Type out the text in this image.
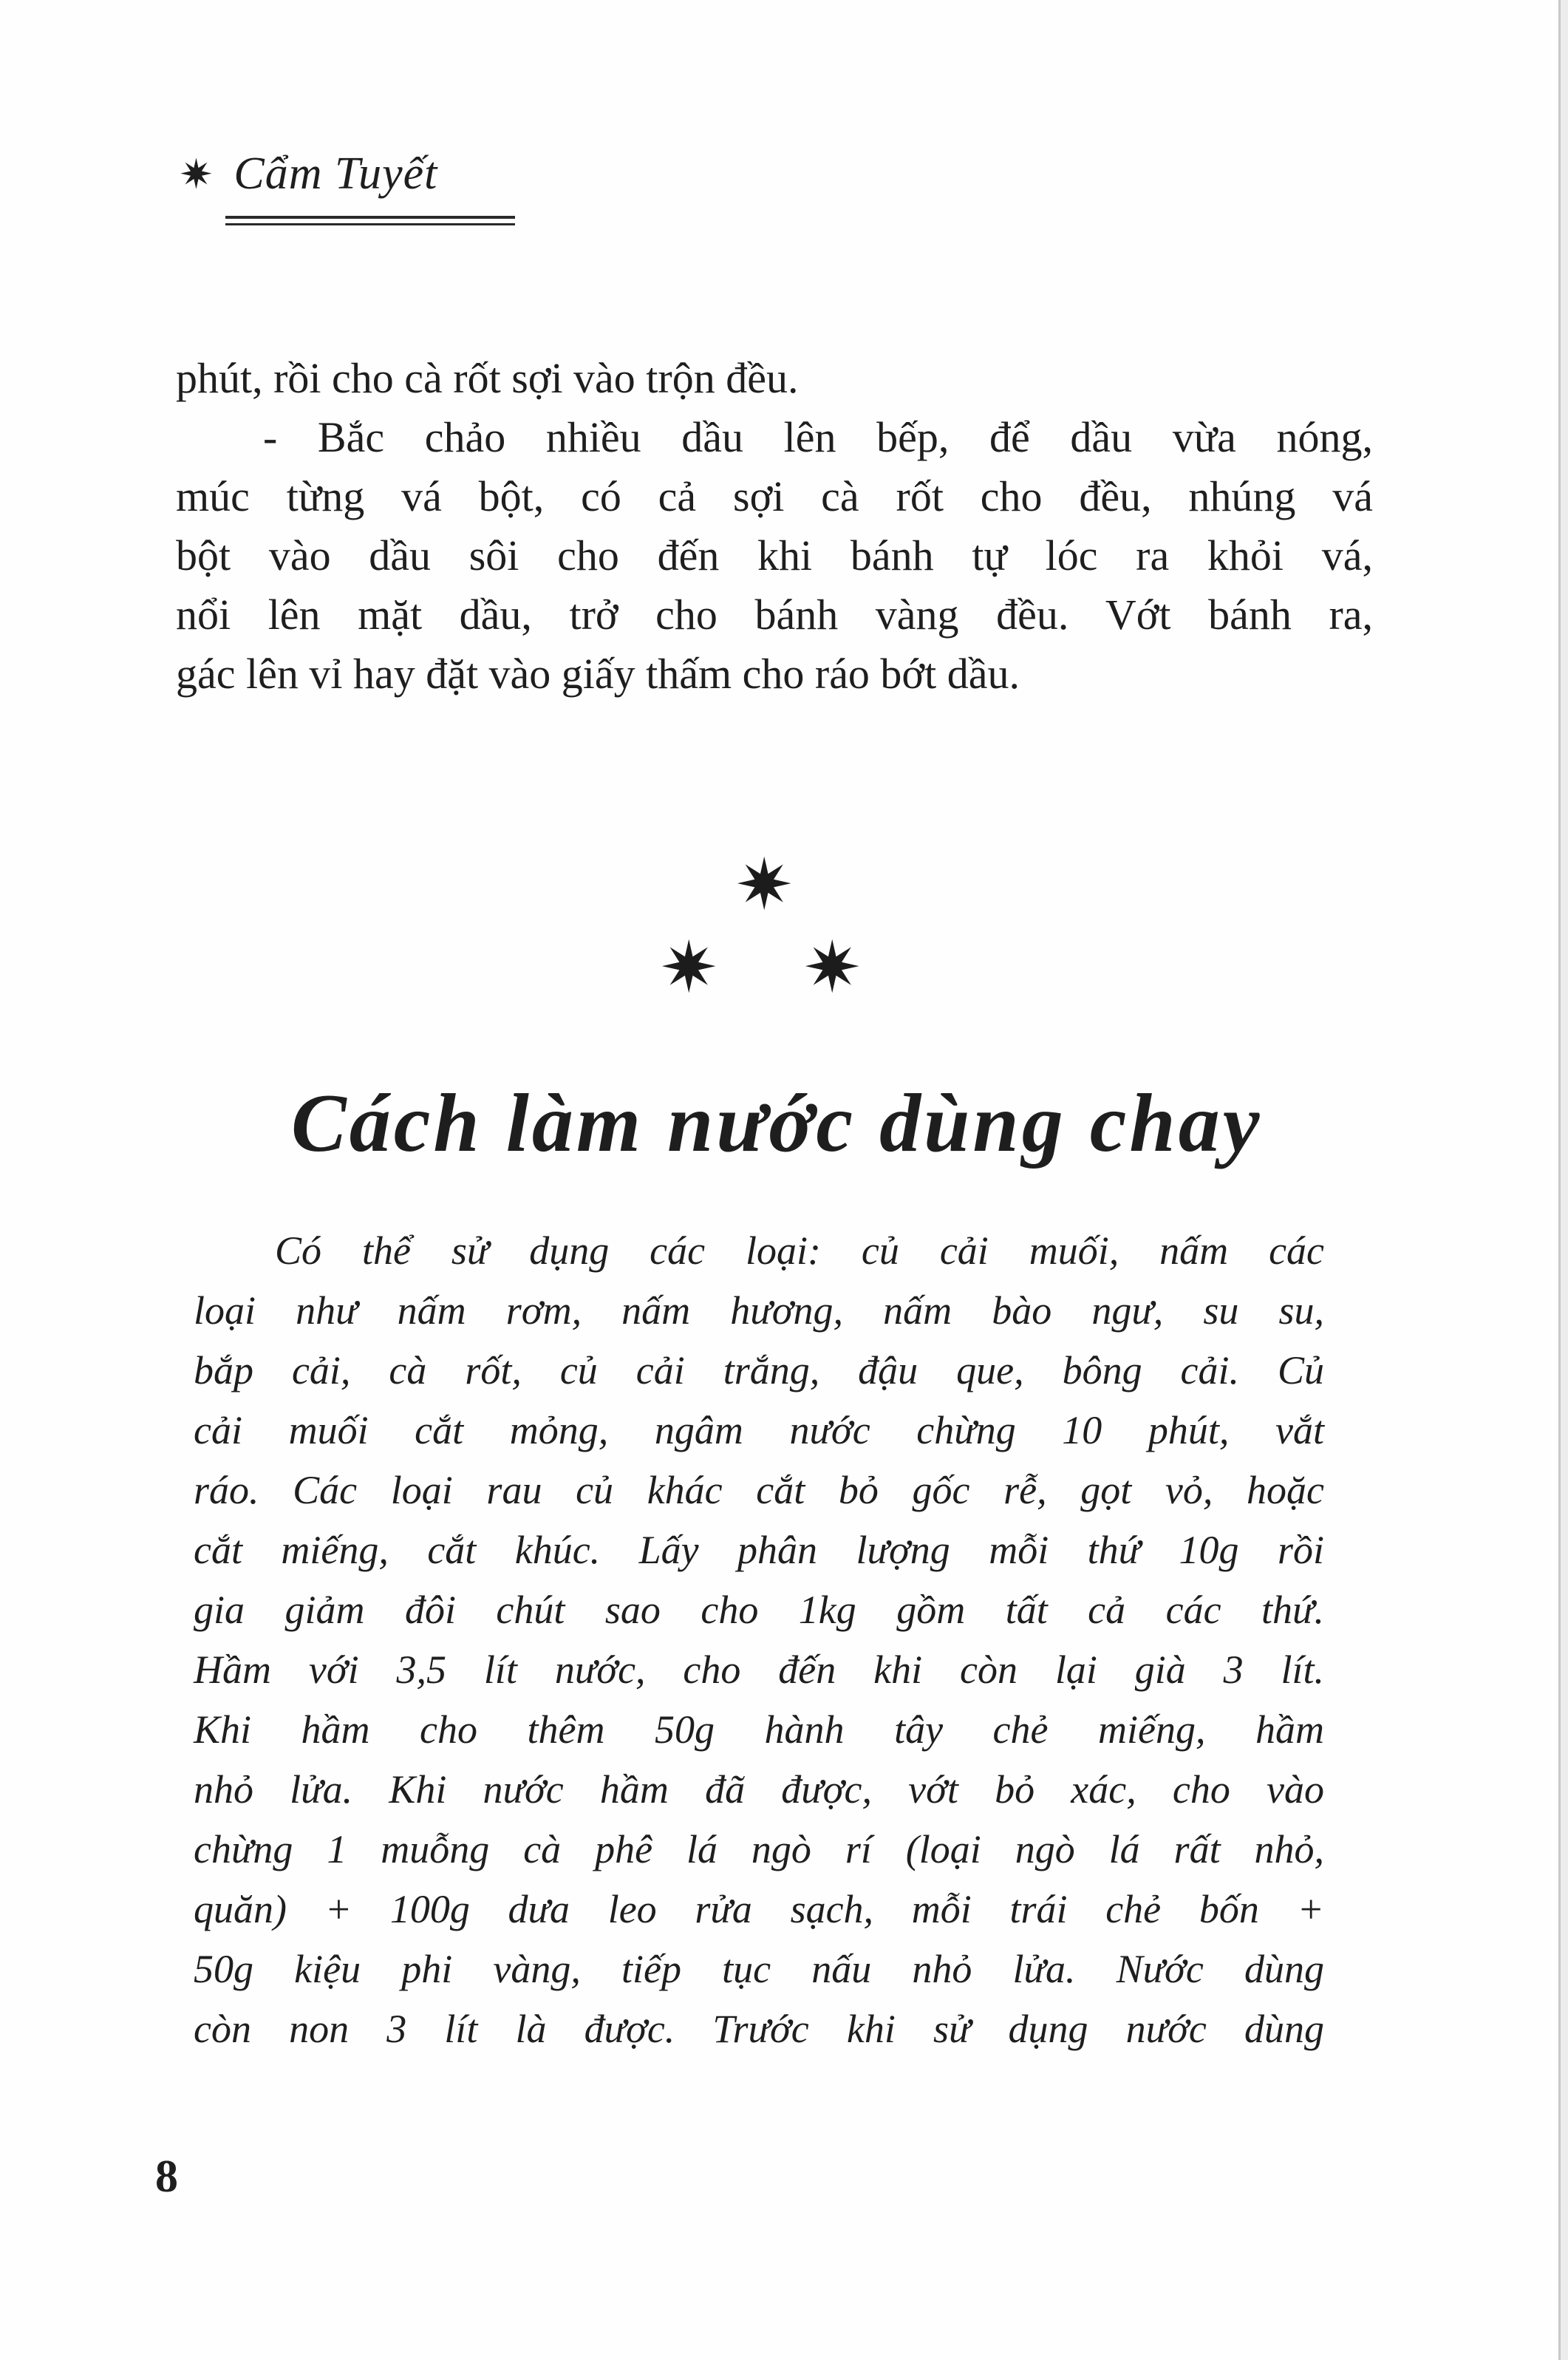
✷ Cẩm Tuyết
phút, rồi cho cà rốt sợi vào trộn đều.
- Bắc chảo nhiều dầu lên bếp, để dầu vừa nóng,
múc từng vá bột, có cả sợi cà rốt cho đều, nhúng vá
bột vào dầu sôi cho đến khi bánh tự lóc ra khỏi vá,
nổi lên mặt dầu, trở cho bánh vàng đều. Vớt bánh ra,
gác lên vỉ hay đặt vào giấy thấm cho ráo bớt dầu.
✷
✷ ✷
Cách làm nước dùng chay
Có thể sử dụng các loại: củ cải muối, nấm các
loại như nấm rơm, nấm hương, nấm bào ngư, su su,
bắp cải, cà rốt, củ cải trắng, đậu que, bông cải. Củ
cải muối cắt mỏng, ngâm nước chừng 10 phút, vắt
ráo. Các loại rau củ khác cắt bỏ gốc rễ, gọt vỏ, hoặc
cắt miếng, cắt khúc. Lấy phân lượng mỗi thứ 10g rồi
gia giảm đôi chút sao cho 1kg gồm tất cả các thứ.
Hầm với 3,5 lít nước, cho đến khi còn lại già 3 lít.
Khi hầm cho thêm 50g hành tây chẻ miếng, hầm
nhỏ lửa. Khi nước hầm đã được, vớt bỏ xác, cho vào
chừng 1 muỗng cà phê lá ngò rí (loại ngò lá rất nhỏ,
quăn) + 100g dưa leo rửa sạch, mỗi trái chẻ bốn +
50g kiệu phi vàng, tiếp tục nấu nhỏ lửa. Nước dùng
còn non 3 lít là được. Trước khi sử dụng nước dùng
8
